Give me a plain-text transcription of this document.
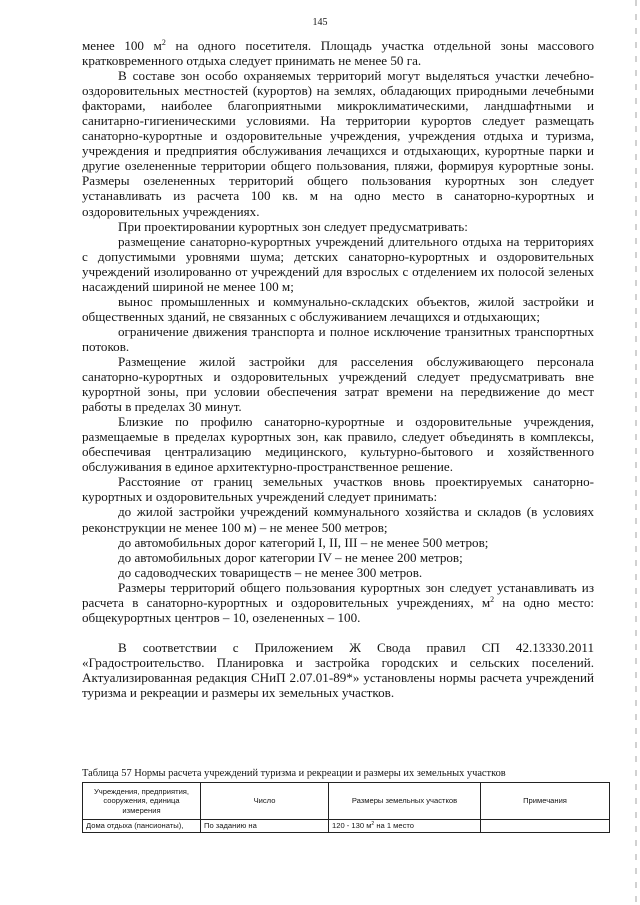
145

менее 100 $м^2$ на одного посетителя. Площадь участка отдельной зоны массового кратковременного отдыха следует принимать не менее 50 га.

В составе зон особо охраняемых территорий могут выделяться участки лечебно-оздоровительных местностей (курортов) на землях, обладающих природными лечебными факторами, наиболее благоприятными микроклиматическими, ландшафтными и санитарно-гигиеническими условиями. На территории курортов следует размещать санаторно-курортные и оздоровительные учреждения, учреждения отдыха и туризма, учреждения и предприятия обслуживания лечащихся и отдыхающих, курортные парки и другие озелененные территории общего пользования, пляжи, формируя курортные зоны. Размеры озелененных территорий общего пользования курортных зон следует устанавливать из расчета 100 кв. м на одно место в санаторно-курортных и оздоровительных учреждениях.

При проектировании курортных зон следует предусматривать:

размещение санаторно-курортных учреждений длительного отдыха на территориях с допустимыми уровнями шума; детских санаторно-курортных и оздоровительных учреждений изолированно от учреждений для взрослых с отделением их полосой зеленых насаждений шириной не менее 100 м;

вынос промышленных и коммунально-складских объектов, жилой застройки и общественных зданий, не связанных с обслуживанием лечащихся и отдыхающих;

ограничение движения транспорта и полное исключение транзитных транспортных потоков.

Размещение жилой застройки для расселения обслуживающего персонала санаторно-курортных и оздоровительных учреждений следует предусматривать вне курортной зоны, при условии обеспечения затрат времени на передвижение до мест работы в пределах 30 минут.

Близкие по профилю санаторно-курортные и оздоровительные учреждения, размещаемые в пределах курортных зон, как правило, следует объединять в комплексы, обеспечивая централизацию медицинского, культурно-бытового и хозяйственного обслуживания в единое архитектурно-пространственное решение.

Расстояние от границ земельных участков вновь проектируемых санаторно-курортных и оздоровительных учреждений следует принимать:

до жилой застройки учреждений коммунального хозяйства и складов (в условиях реконструкции не менее 100 м) – не менее 500 метров;

до автомобильных дорог категорий I, II, III – не менее 500 метров;

до автомобильных дорог категории IV – не менее 200 метров;

до садоводческих товариществ – не менее 300 метров.

Размеры территорий общего пользования курортных зон следует устанавливать из расчета в санаторно-курортных и оздоровительных учреждениях, $м^2$ на одно место: общекурортных центров – 10, озелененных – 100.

В соответствии с Приложением Ж Свода правил СП 42.13330.2011 «Градостроительство. Планировка и застройка городских и сельских поселений. Актуализированная редакция СНиП 2.07.01-89*» установлены нормы расчета учреждений туризма и рекреации и размеры их земельных участков.

Таблица 57 Нормы расчета учреждений туризма и рекреации и размеры их земельных участков
Учреждения, предприятия, сооружения, единица измерения	Число	Размеры земельных участков	Примечания
Дома отдыха (пансионаты),	По заданию на	120 - 130 $м^2$ на 1 место	
